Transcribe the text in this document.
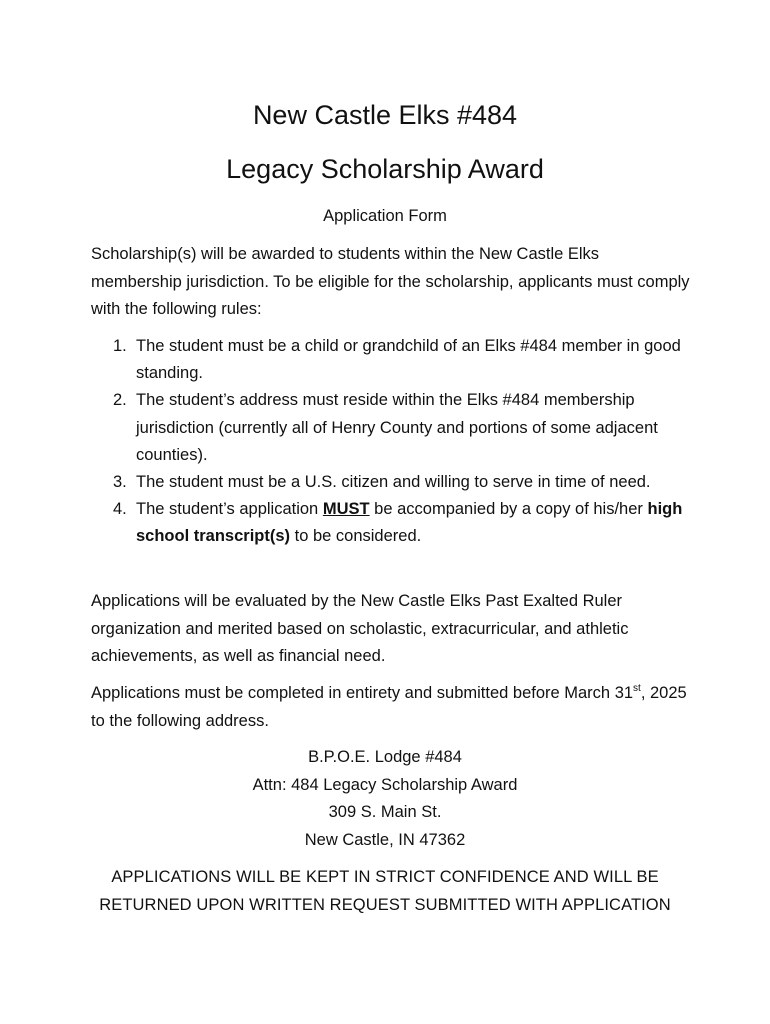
New Castle Elks #484
Legacy Scholarship Award
Application Form
Scholarship(s) will be awarded to students within the New Castle Elks membership jurisdiction. To be eligible for the scholarship, applicants must comply with the following rules:
1. The student must be a child or grandchild of an Elks #484 member in good standing.
2. The student’s address must reside within the Elks #484 membership jurisdiction (currently all of Henry County and portions of some adjacent counties).
3. The student must be a U.S. citizen and willing to serve in time of need.
4. The student’s application MUST be accompanied by a copy of his/her high school transcript(s) to be considered.
Applications will be evaluated by the New Castle Elks Past Exalted Ruler organization and merited based on scholastic, extracurricular, and athletic achievements, as well as financial need.
Applications must be completed in entirety and submitted before March 31st, 2025 to the following address.
B.P.O.E. Lodge #484
Attn: 484 Legacy Scholarship Award
309 S. Main St.
New Castle, IN 47362
APPLICATIONS WILL BE KEPT IN STRICT CONFIDENCE AND WILL BE
RETURNED UPON WRITTEN REQUEST SUBMITTED WITH APPLICATION
